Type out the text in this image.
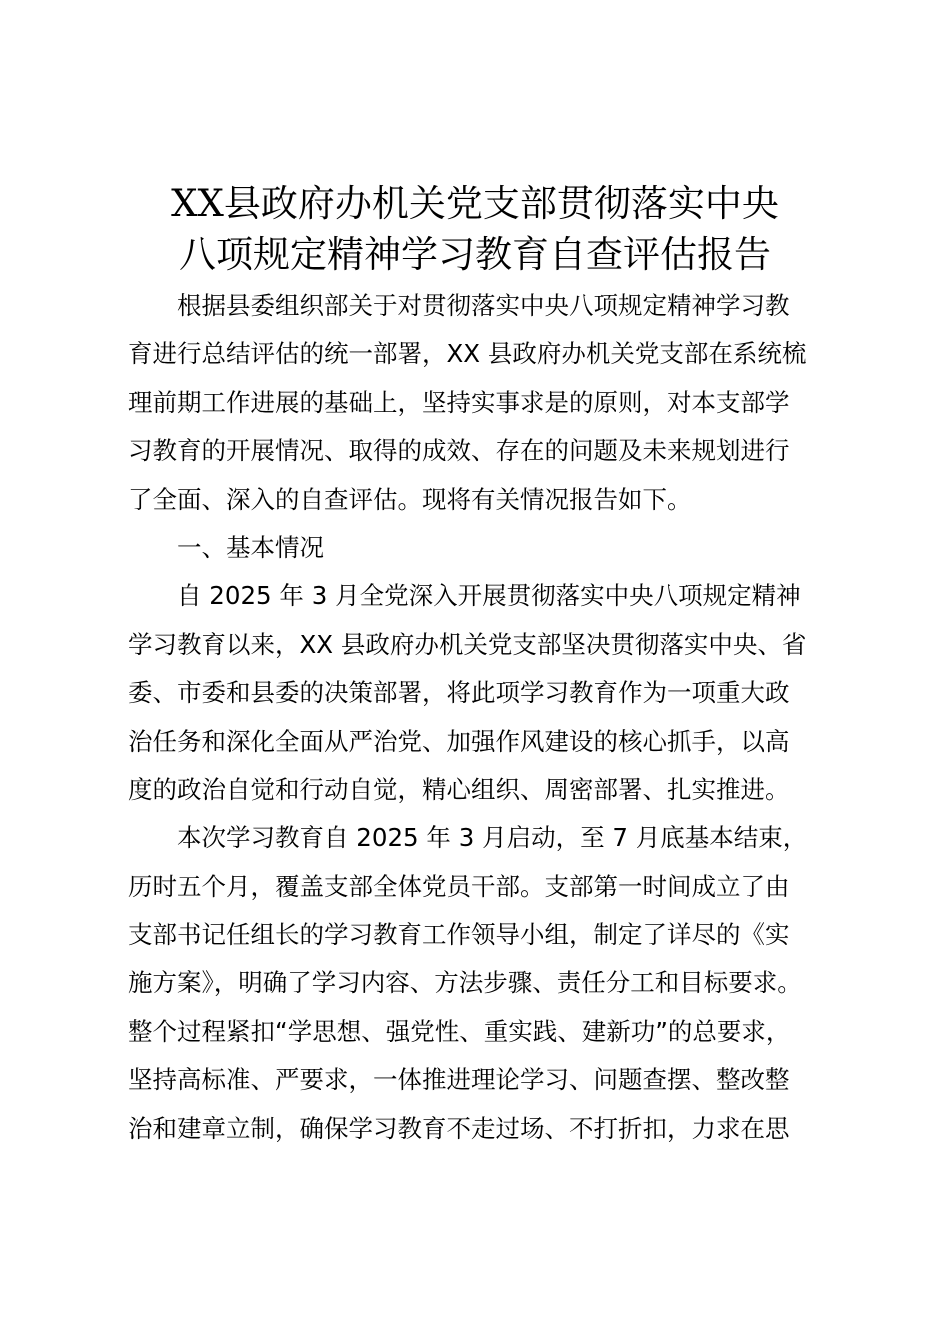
XX县政府办机关党支部贯彻落实中央
八项规定精神学习教育自查评估报告
根据县委组织部关于对贯彻落实中央八项规定精神学习教
育进行总结评估的统一部署，XX 县政府办机关党支部在系统梳
理前期工作进展的基础上，坚持实事求是的原则，对本支部学
习教育的开展情况、取得的成效、存在的问题及未来规划进行
了全面、深入的自查评估。现将有关情况报告如下。
一、基本情况
自 2025 年 3 月全党深入开展贯彻落实中央八项规定精神
学习教育以来，XX 县政府办机关党支部坚决贯彻落实中央、省
委、市委和县委的决策部署，将此项学习教育作为一项重大政
治任务和深化全面从严治党、加强作风建设的核心抓手，以高
度的政治自觉和行动自觉，精心组织、周密部署、扎实推进。
本次学习教育自 2025 年 3 月启动，至 7 月底基本结束，
历时五个月，覆盖支部全体党员干部。支部第一时间成立了由
支部书记任组长的学习教育工作领导小组，制定了详尽的《实
施方案》，明确了学习内容、方法步骤、责任分工和目标要求。
整个过程紧扣“学思想、强党性、重实践、建新功”的总要求，
坚持高标准、严要求，一体推进理论学习、问题查摆、整改整
治和建章立制，确保学习教育不走过场、不打折扣，力求在思
